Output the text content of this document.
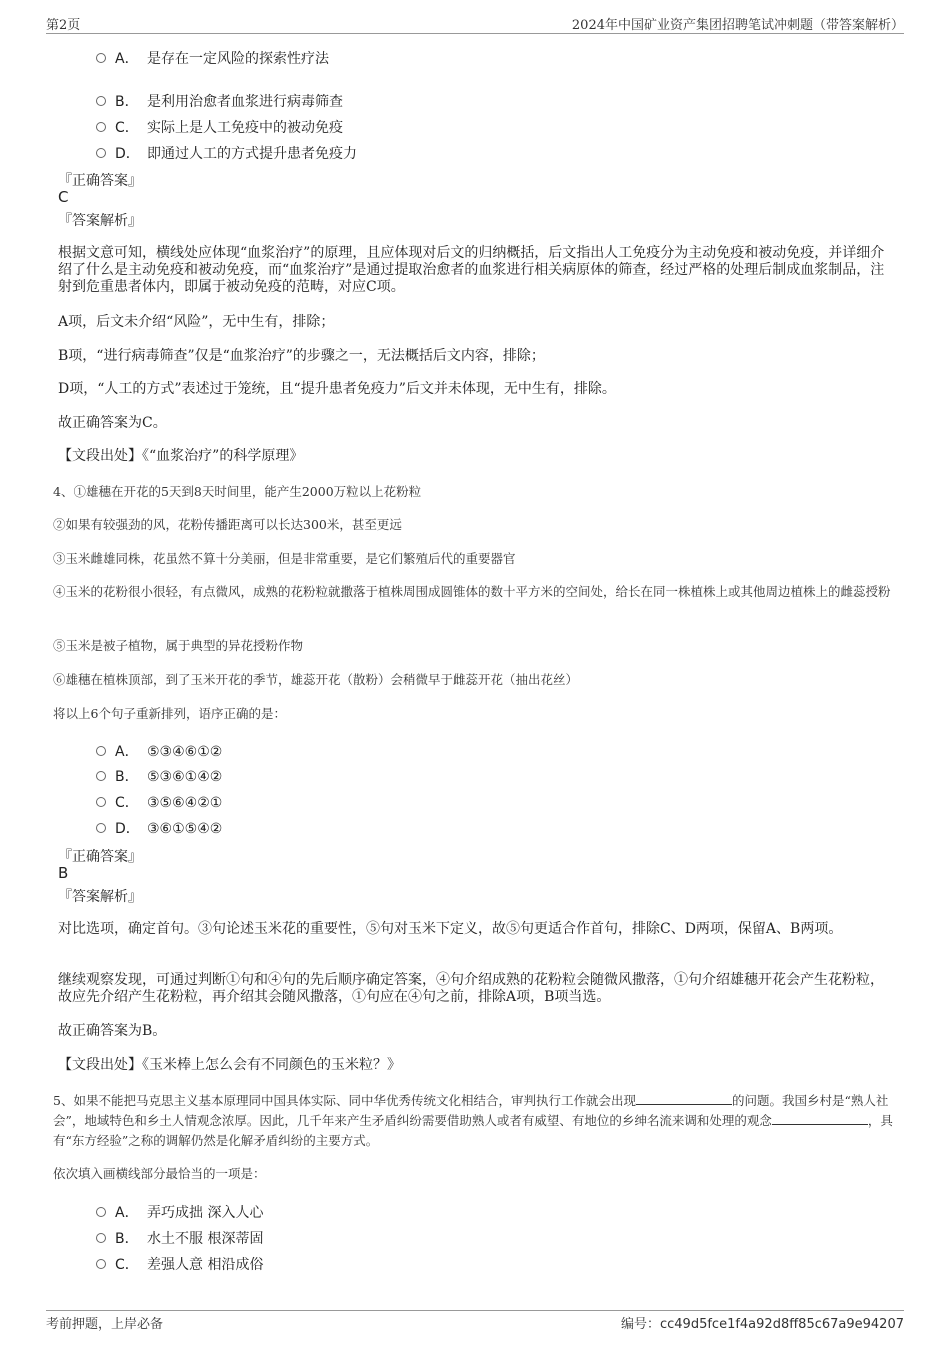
第2页	2024年中国矿业资产集团招聘笔试冲刺题（带答案解析）
A． 是存在一定风险的探索性疗法
B． 是利用治愈者血浆进行病毒筛查
C． 实际上是人工免疫中的被动免疫
D． 即通过人工的方式提升患者免疫力
『正确答案』
C
『答案解析』
根据文意可知，横线处应体现“血浆治疗”的原理，且应体现对后文的归纳概括，后文指出人工免疫分为主动免疫和被动免疫，并详细介绍了什么是主动免疫和被动免疫，而“血浆治疗”是通过提取治愈者的血浆进行相关病原体的筛查，经过严格的处理后制成血浆制品，注射到危重患者体内，即属于被动免疫的范畴，对应C项。
A项，后文未介绍“风险”，无中生有，排除；
B项，“进行病毒筛查”仅是“血浆治疗”的步骤之一，无法概括后文内容，排除；
D项，“人工的方式”表述过于笼统，且“提升患者免疫力”后文并未体现，无中生有，排除。
故正确答案为C。
【文段出处】《“血浆治疗”的科学原理》
4、①雄穗在开花的5天到8天时间里，能产生2000万粒以上花粉粒
②如果有较强劲的风，花粉传播距离可以长达300米，甚至更远
③玉米雌雄同株，花虽然不算十分美丽，但是非常重要，是它们繁殖后代的重要器官
④玉米的花粉很小很轻，有点微风，成熟的花粉粒就撒落于植株周围成圆锥体的数十平方米的空间处，给长在同一株植株上或其他周边植株上的雌蕊授粉
⑤玉米是被子植物，属于典型的异花授粉作物
⑥雄穗在植株顶部，到了玉米开花的季节，雄蕊开花（散粉）会稍微早于雌蕊开花（抽出花丝）
将以上6个句子重新排列，语序正确的是：
A． ⑤③④⑥①②
B． ⑤③⑥①④②
C． ③⑤⑥④②①
D． ③⑥①⑤④②
『正确答案』
B
『答案解析』
对比选项，确定首句。③句论述玉米花的重要性，⑤句对玉米下定义，故⑤句更适合作首句，排除C、D两项，保留A、B两项。
继续观察发现，可通过判断①句和④句的先后顺序确定答案，④句介绍成熟的花粉粒会随微风撒落，①句介绍雄穗开花会产生花粉粒，故应先介绍产生花粉粒，再介绍其会随风撒落，①句应在④句之前，排除A项，B项当选。
故正确答案为B。
【文段出处】《玉米棒上怎么会有不同颜色的玉米粒？》
5、如果不能把马克思主义基本原理同中国具体实际、同中华优秀传统文化相结合，审判执行工作就会出现	的问题。我国乡村是“熟人社会”，地域特色和乡土人情观念浓厚。因此，几千年来产生矛盾纠纷需要借助熟人或者有威望、有地位的乡绅名流来调和处理的观念	，具有“东方经验”之称的调解仍然是化解矛盾纠纷的主要方式。
依次填入画横线部分最恰当的一项是：
A． 弄巧成拙 深入人心
B． 水土不服 根深蒂固
C． 差强人意 相沿成俗
考前押题，上岸必备	编号：cc49d5fce1f4a92d8ff85c67a9e94207
